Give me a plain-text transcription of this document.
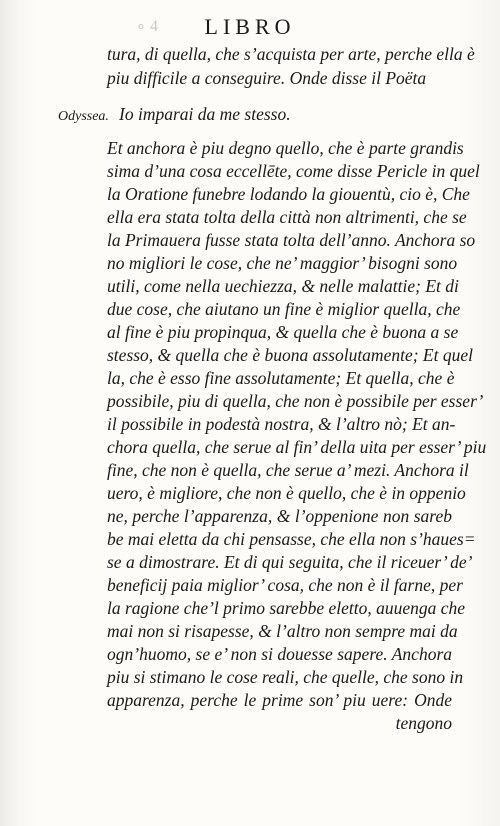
∘ 4	LIBRO
Odyssea.
tura, di quella, che s’acquista per arte, perche ella è
piu difficile a conseguire. Onde disse il Poëta
Io imparai da me stesso.
Et anchora è piu degno quello, che è parte grandis
sima d’una cosa eccellēte, come disse Pericle in quel
la Oratione funebre lodando la giouentù, cio è, Che
ella era stata tolta della città non altrimenti, che se
la Primauera fusse stata tolta dell’anno. Anchora so
no migliori le cose, che ne’ maggior’ bisogni sono
utili, come nella uechiezza, & nelle malattie; Et di
due cose, che aiutano un fine è miglior quella, che
al fine è piu propinqua, & quella che è buona a se
stesso, & quella che è buona assolutamente; Et quel
la, che è esso fine assolutamente; Et quella, che è
possibile, piu di quella, che non è possibile per esser’
il possibile in podestà nostra, & l’altro nò; Et an-
chora quella, che serue al fin’ della uita per esser’ piu
fine, che non è quella, che serue a’ mezi. Anchora il
uero, è migliore, che non è quello, che è in oppenio
ne, perche l’apparenza, & l’oppenione non sareb
be mai eletta da chi pensasse, che ella non s’haues=
se a dimostrare. Et di qui seguita, che il riceuer’ de’
beneficij paia miglior’ cosa, che non è il farne, per
la ragione che’l primo sarebbe eletto, auuenga che
mai non si risapesse, & l’altro non sempre mai da
ogn’huomo, se e’ non si douesse sapere. Anchora
piu si stimano le cose reali, che quelle, che sono in
apparenza, perche le prime son’ piu uere: Onde
tengono
